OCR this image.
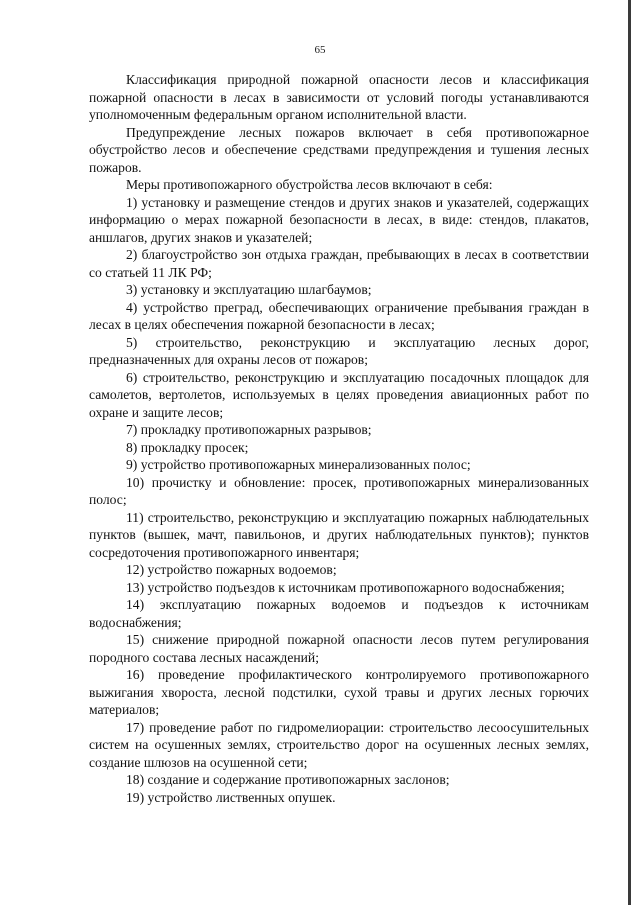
65

Классификация природной пожарной опасности лесов и классификация пожарной опасности в лесах в зависимости от условий погоды устанавливаются уполномоченным федеральным органом исполнительной власти.

Предупреждение лесных пожаров включает в себя противопожарное обустройство лесов и обеспечение средствами предупреждения и тушения лесных пожаров.

Меры противопожарного обустройства лесов включают в себя:

1) установку и размещение стендов и других знаков и указателей, содержащих информацию о мерах пожарной безопасности в лесах, в виде: стендов, плакатов, аншлагов, других знаков и указателей;

2) благоустройство зон отдыха граждан, пребывающих в лесах в соответствии со статьей 11 ЛК РФ;

3) установку и эксплуатацию шлагбаумов;

4) устройство преград, обеспечивающих ограничение пребывания граждан в лесах в целях обеспечения пожарной безопасности в лесах;

5) строительство, реконструкцию и эксплуатацию лесных дорог, предназначенных для охраны лесов от пожаров;

6) строительство, реконструкцию и эксплуатацию посадочных площадок для самолетов, вертолетов, используемых в целях проведения авиационных работ по охране и защите лесов;

7) прокладку противопожарных разрывов;

8) прокладку просек;

9) устройство противопожарных минерализованных полос;

10) прочистку и обновление: просек, противопожарных минерализованных полос;

11) строительство, реконструкцию и эксплуатацию пожарных наблюдательных пунктов (вышек, мачт, павильонов, и других наблюдательных пунктов); пунктов сосредоточения противопожарного инвентаря;

12) устройство пожарных водоемов;

13) устройство подъездов к источникам противопожарного водоснабжения;

14) эксплуатацию пожарных водоемов и подъездов к источникам водоснабжения;

15) снижение природной пожарной опасности лесов путем регулирования породного состава лесных насаждений;

16) проведение профилактического контролируемого противопожарного выжигания хвороста, лесной подстилки, сухой травы и других лесных горючих материалов;

17) проведение работ по гидромелиорации: строительство лесоосушительных систем на осушенных землях, строительство дорог на осушенных лесных землях, создание шлюзов на осушенной сети;

18) создание и содержание противопожарных заслонов;

19) устройство лиственных опушек.
